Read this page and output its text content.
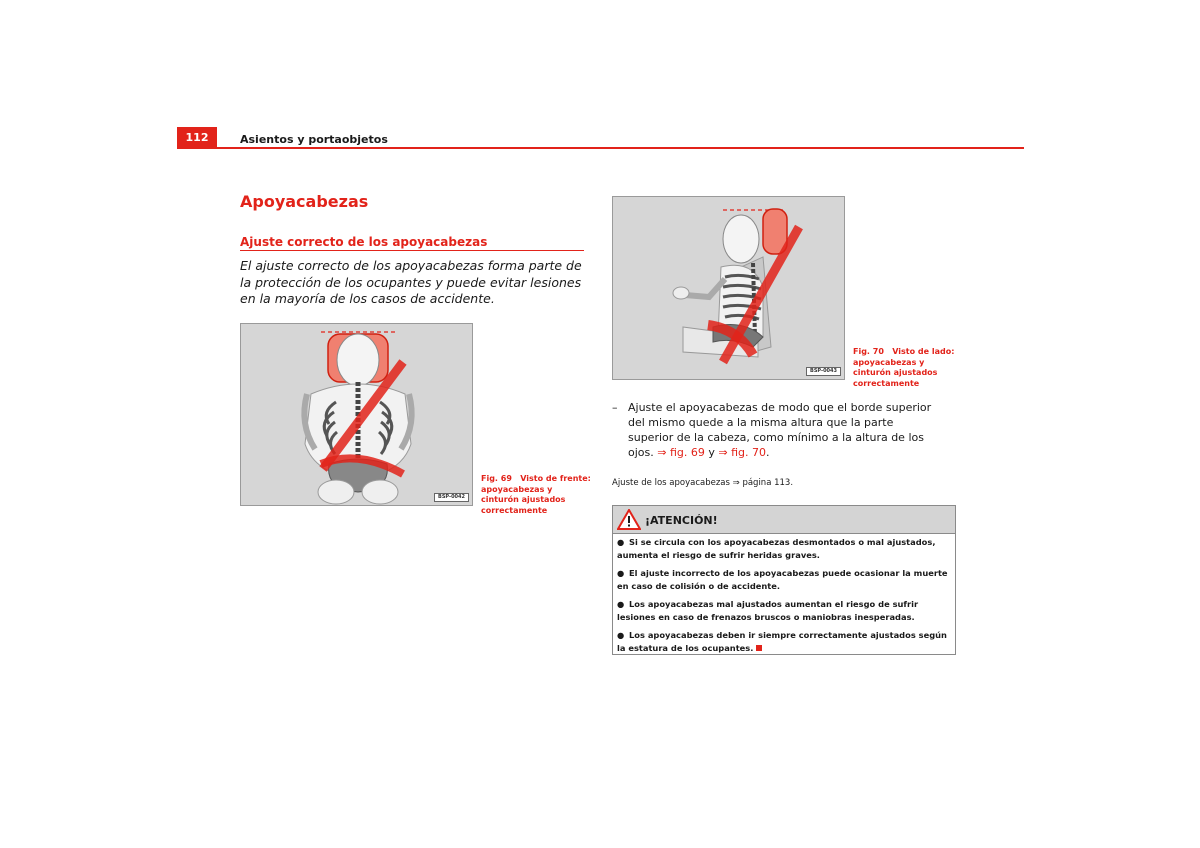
112	Asientos y portaobjetos
Apoyacabezas
Ajuste correcto de los apoyacabezas
El ajuste correcto de los apoyacabezas forma parte de la protección de los ocupantes y puede evitar lesiones en la mayoría de los casos de accidente.
BSP-0042
Fig. 69 Visto de frente: apoyacabezas y cinturón ajustados correctamente
BSP-0043
Fig. 70 Visto de lado: apoyacabezas y cinturón ajustados correctamente
– Ajuste el apoyacabezas de modo que el borde superior del mismo quede a la misma altura que la parte superior de la cabeza, como mínimo a la altura de los ojos. ⇒ fig. 69 y ⇒ fig. 70.
Ajuste de los apoyacabezas ⇒ página 113.
¡ATENCIÓN!
● Si se circula con los apoyacabezas desmontados o mal ajustados, aumenta el riesgo de sufrir heridas graves.
● El ajuste incorrecto de los apoyacabezas puede ocasionar la muerte en caso de colisión o de accidente.
● Los apoyacabezas mal ajustados aumentan el riesgo de sufrir lesiones en caso de frenazos bruscos o maniobras inesperadas.
● Los apoyacabezas deben ir siempre correctamente ajustados según la estatura de los ocupantes.
